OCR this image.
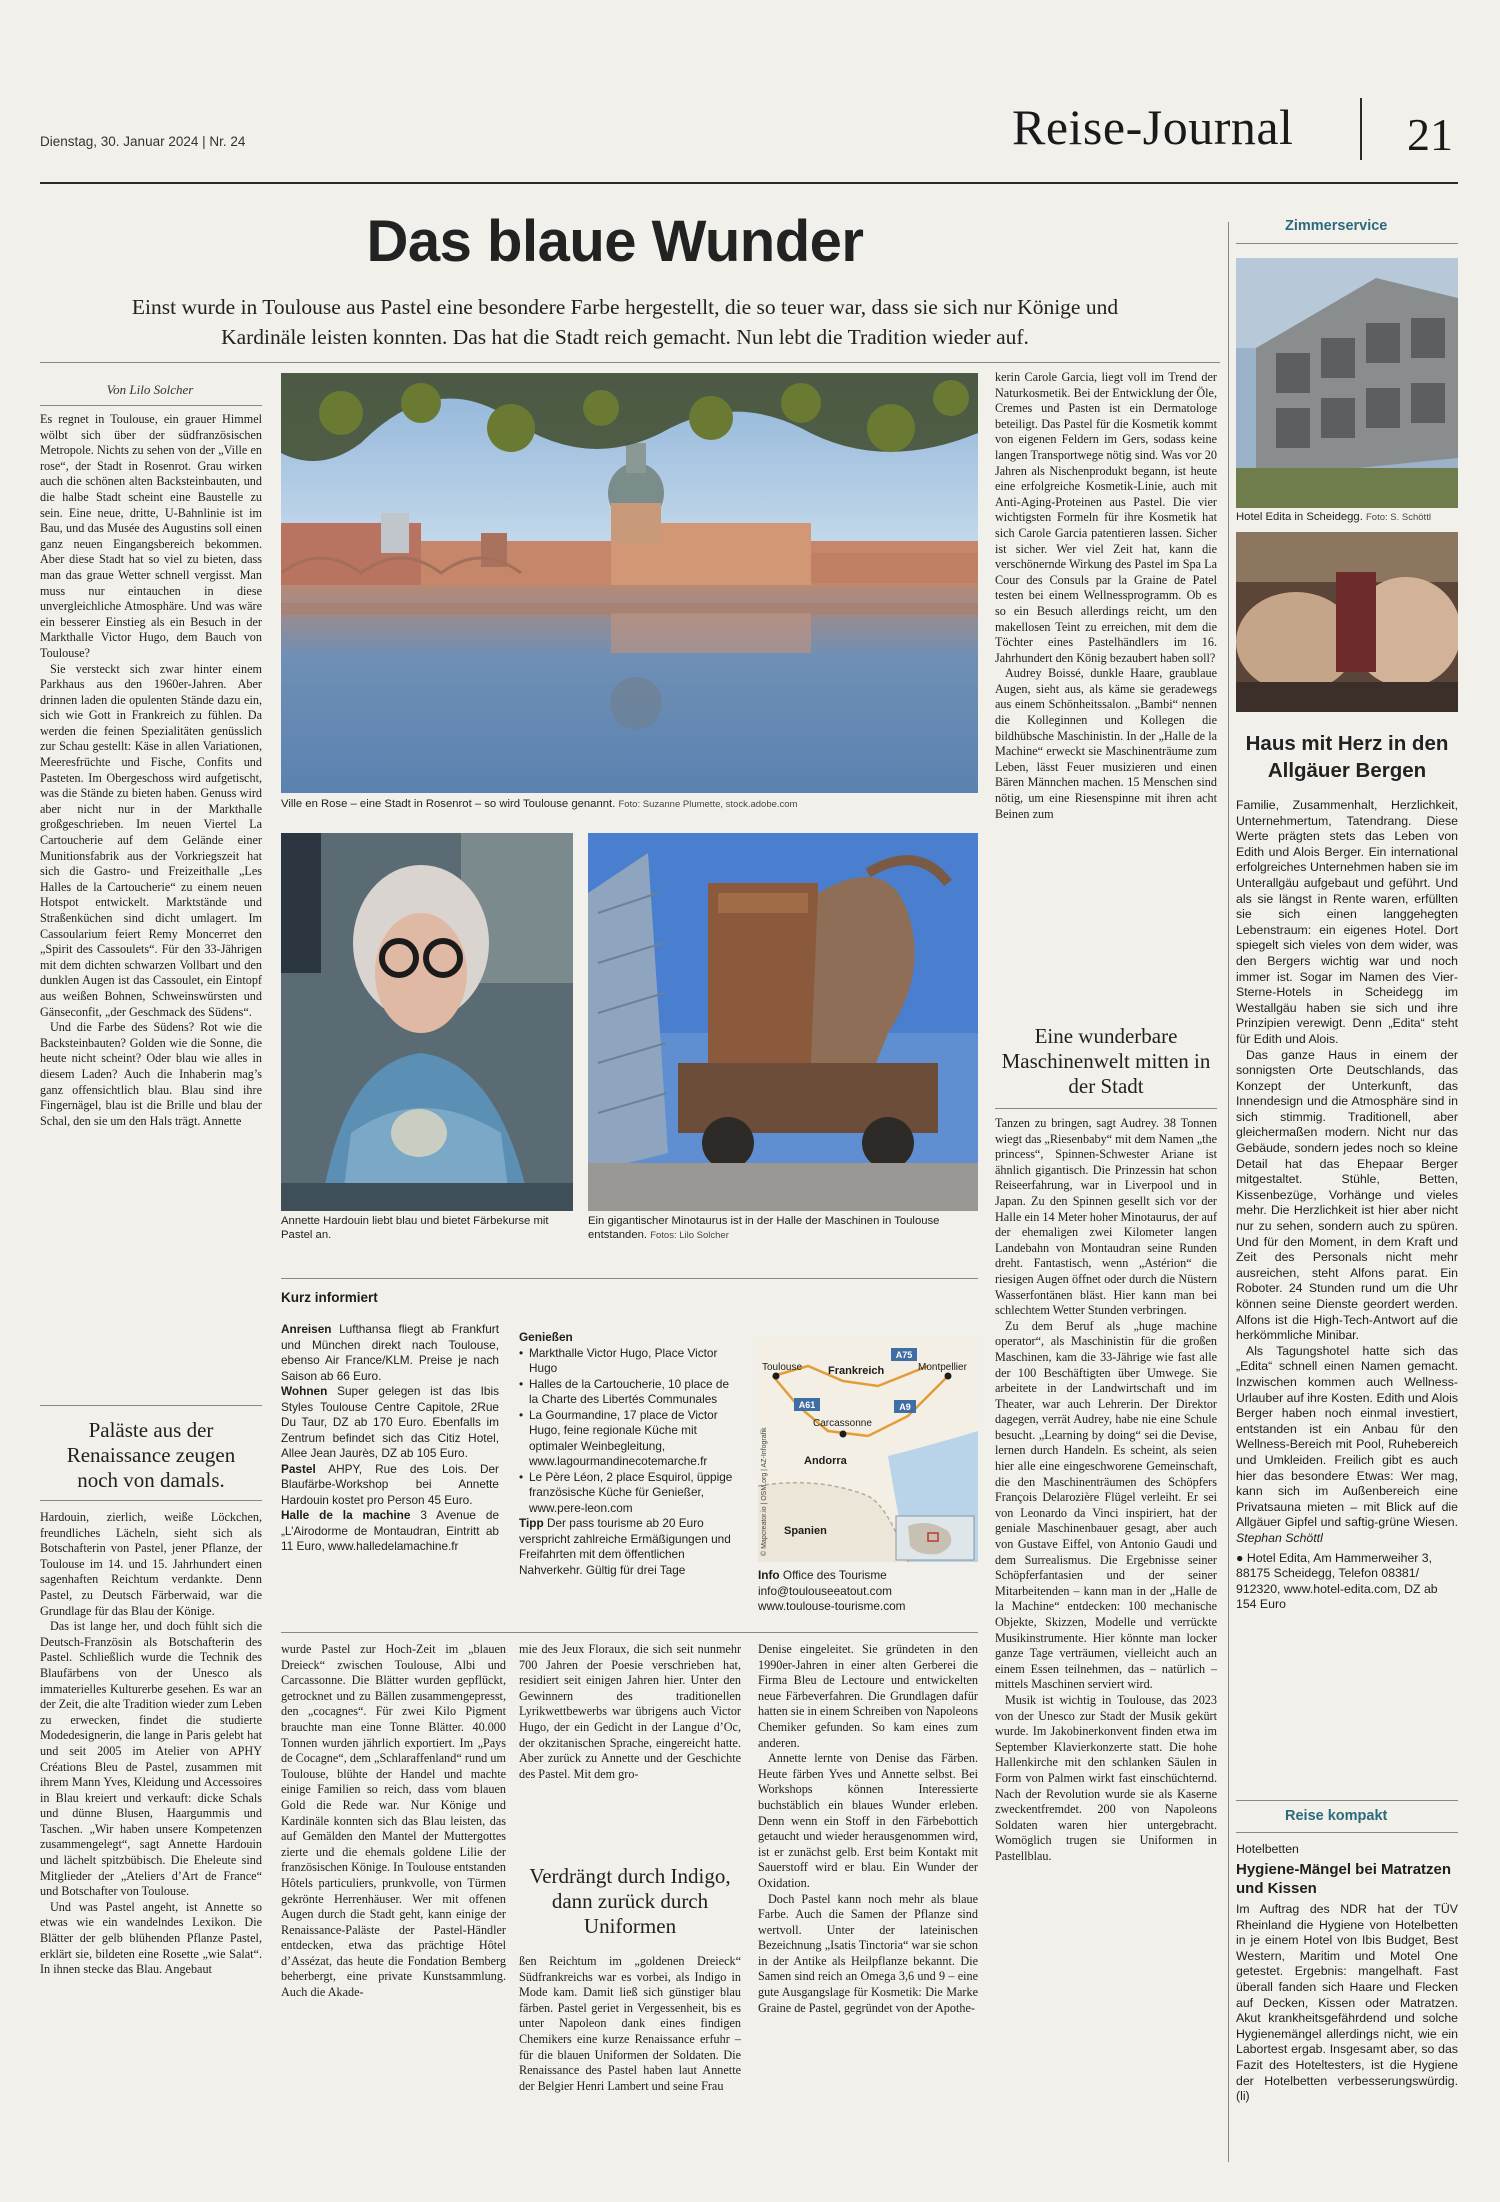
Dienstag, 30. Januar 2024 | Nr. 24	Reise-Journal 21
Das blaue Wunder
Einst wurde in Toulouse aus Pastel eine besondere Farbe hergestellt, die so teuer war, dass sie sich nur Könige und Kardinäle leisten konnten. Das hat die Stadt reich gemacht. Nun lebt die Tradition wieder auf.
Von Lilo Solcher

Es regnet in Toulouse, ein grauer Himmel wölbt sich über der südfranzösischen Metropole. Nichts zu sehen von der „Ville en rose“, der Stadt in Rosenrot. Grau wirken auch die schönen alten Backsteinbauten, und die halbe Stadt scheint eine Baustelle zu sein. Eine neue, dritte, U-Bahnlinie ist im Bau, und das Musée des Augustins soll einen ganz neuen Eingangsbereich bekommen. Aber diese Stadt hat so viel zu bieten, dass man das graue Wetter schnell vergisst. Man muss nur eintauchen in diese unvergleichliche Atmosphäre. Und was wäre ein besserer Einstieg als ein Besuch in der Markthalle Victor Hugo, dem Bauch von Toulouse?

Sie versteckt sich zwar hinter einem Parkhaus aus den 1960er-Jahren. Aber drinnen laden die opulenten Stände dazu ein, sich wie Gott in Frankreich zu fühlen. Da werden die feinen Spezialitäten genüsslich zur Schau gestellt: Käse in allen Variationen, Meeresfrüchte und Fische, Confits und Pasteten. Im Obergeschoss wird aufgetischt, was die Stände zu bieten haben. Genuss wird aber nicht nur in der Markthalle großgeschrieben. Im neuen Viertel La Cartoucherie auf dem Gelände einer Munitionsfabrik aus der Vorkriegszeit hat sich die Gastro- und Freizeithalle „Les Halles de la Cartoucherie“ zu einem neuen Hotspot entwickelt. Marktstände und Straßenküchen sind dicht umlagert. Im Cassoularium feiert Remy Moncerret den „Spirit des Cassoulets“. Für den 33-Jährigen mit dem dichten schwarzen Vollbart und den dunklen Augen ist das Cassoulet, ein Eintopf aus weißen Bohnen, Schweinswürsten und Gänseconfit, „der Geschmack des Südens“.

Und die Farbe des Südens? Rot wie die Backsteinbauten? Golden wie die Sonne, die heute nicht scheint? Oder blau wie alles in diesem Laden? Auch die Inhaberin mag’s ganz offensichtlich blau. Blau sind ihre Fingernägel, blau ist die Brille und blau der Schal, den sie um den Hals trägt. Annette

Paläste aus der Renaissance zeugen noch von damals.

Hardouin, zierlich, weiße Löckchen, freundliches Lächeln, sieht sich als Botschafterin von Pastel, jener Pflanze, der Toulouse im 14. und 15. Jahrhundert einen sagenhaften Reichtum verdankte. Denn Pastel, zu Deutsch Färberwaid, war die Grundlage für das Blau der Könige.

Das ist lange her, und doch fühlt sich die Deutsch-Französin als Botschafterin des Pastel. Schließlich wurde die Technik des Blaufärbens von der Unesco als immaterielles Kulturerbe gesehen. Es war an der Zeit, die alte Tradition wieder zum Leben zu erwecken, findet die studierte Modedesignerin, die lange in Paris gelebt hat und seit 2005 im Atelier von APHY Créations Bleu de Pastel, zusammen mit ihrem Mann Yves, Kleidung und Accessoires in Blau kreiert und verkauft: dicke Schals und dünne Blusen, Haargummis und Taschen. „Wir haben unsere Kompetenzen zusammengelegt“, sagt Annette Hardouin und lächelt spitzbübisch. Die Eheleute sind Mitglieder der „Ateliers d’Art de France“ und Botschafter von Toulouse.

Und was Pastel angeht, ist Annette so etwas wie ein wandelndes Lexikon. Die Blätter der gelb blühenden Pflanze Pastel, erklärt sie, bildeten eine Rosette „wie Salat“. In ihnen stecke das Blau. Angebaut

Ville en Rose – eine Stadt in Rosenrot – so wird Toulouse genannt. Foto: Suzanne Plumette, stock.adobe.com
Annette Hardouin liebt blau und bietet Färbekurse mit Pastel an.
Ein gigantischer Minotaurus ist in der Halle der Maschinen in Toulouse entstanden. Fotos: Lilo Solcher
Kurz informiert
Anreisen Lufthansa fliegt ab Frankfurt und München direkt nach Toulouse, ebenso Air France/KLM. Preise je nach Saison ab 66 Euro.
Wohnen Super gelegen ist das Ibis Styles Toulouse Centre Capitole, 2Rue Du Taur, DZ ab 170 Euro. Ebenfalls im Zentrum befindet sich das Citiz Hotel, Allee Jean Jaurès, DZ ab 105 Euro.
Pastel AHPY, Rue des Lois. Der Blaufärbe-Workshop bei Annette Hardouin kostet pro Person 45 Euro.
Halle de la machine 3 Avenue de „L’Airodorme de Montaudran, Eintritt ab 11 Euro, www.halledelamachine.fr
Genießen
• Markthalle Victor Hugo, Place Victor Hugo
• Halles de la Cartoucherie, 10 place de la Charte des Libertés Communales
• La Gourmandine, 17 place de Victor Hugo, feine regionale Küche mit optimaler Weinbegleitung, www.lagourmandinecotemarche.fr
• Le Père Léon, 2 place Esquirol, üppige französische Küche für Genießer, www.pere-leon.com
Tipp Der pass tourisme ab 20 Euro verspricht zahlreiche Ermäßigungen und Freifahrten mit dem öffentlichen Nahverkehr. Gültig für drei Tage
A75
A61	A9
Toulouse Frankreich	Montpellier
Carcassonne
Andorra
Spanien
© Mapcreator.io | OSM.org | AZ-Infografik
Info Office des Tourisme
info@toulouseeatout.com
www.toulouse-tourisme.com

wurde Pastel zur Hoch-Zeit im „blauen Dreieck“ zwischen Toulouse, Albi und Carcassonne. Die Blätter wurden gepflückt, getrocknet und zu Bällen zusammengepresst, den „cocagnes“. Für zwei Kilo Pigment brauchte man eine Tonne Blätter. 40.000 Tonnen wurden jährlich exportiert. Im „Pays de Cocagne“, dem „Schlaraffenland“ rund um Toulouse, blühte der Handel und machte einige Familien so reich, dass vom blauen Gold die Rede war. Nur Könige und Kardinäle konnten sich das Blau leisten, das auf Gemälden den Mantel der Muttergottes zierte und die ehemals goldene Lilie der französischen Könige. In Toulouse entstanden Hôtels particuliers, prunkvolle, von Türmen gekrönte Herrenhäuser. Wer mit offenen Augen durch die Stadt geht, kann einige der Renaissance-Paläste der Pastel-Händler entdecken, etwa das prächtige Hôtel d’Assézat, das heute die Fondation Bemberg beherbergt, eine private Kunstsammlung. Auch die Akade-

mie des Jeux Floraux, die sich seit nunmehr 700 Jahren der Poesie verschrieben hat, residiert seit einigen Jahren hier. Unter den Gewinnern des traditionellen Lyrikwettbewerbs war übrigens auch Victor Hugo, der ein Gedicht in der Langue d’Oc, der okzitanischen Sprache, eingereicht hatte. Aber zurück zu Annette und der Geschichte des Pastel. Mit dem gro-

Verdrängt durch Indigo, dann zurück durch Uniformen

ßen Reichtum im „goldenen Dreieck“ Südfrankreichs war es vorbei, als Indigo in Mode kam. Damit ließ sich günstiger blau färben. Pastel geriet in Vergessenheit, bis es unter Napoleon dank eines findigen Chemikers eine kurze Renaissance erfuhr – für die blauen Uniformen der Soldaten. Die Renaissance des Pastel haben laut Annette der Belgier Henri Lambert und seine Frau

Denise eingeleitet. Sie gründeten in den 1990er-Jahren in einer alten Gerberei die Firma Bleu de Lectoure und entwickelten neue Färbeverfahren. Die Grundlagen dafür hatten sie in einem Schreiben von Napoleons Chemiker gefunden. So kam eines zum anderen.

Annette lernte von Denise das Färben. Heute färben Yves und Annette selbst. Bei Workshops können Interessierte buchstäblich ein blaues Wunder erleben. Denn wenn ein Stoff in den Färbebottich getaucht und wieder herausgenommen wird, ist er zunächst gelb. Erst beim Kontakt mit Sauerstoff wird er blau. Ein Wunder der Oxidation.

Doch Pastel kann noch mehr als blaue Farbe. Auch die Samen der Pflanze sind wertvoll. Unter der lateinischen Bezeichnung „Isatis Tinctoria“ war sie schon in der Antike als Heilpflanze bekannt. Die Samen sind reich an Omega 3,6 und 9 – eine gute Ausgangslage für Kosmetik: Die Marke Graine de Pastel, gegründet von der Apothe-

kerin Carole Garcia, liegt voll im Trend der Naturkosmetik. Bei der Entwicklung der Öle, Cremes und Pasten ist ein Dermatologe beteiligt. Das Pastel für die Kosmetik kommt von eigenen Feldern im Gers, sodass keine langen Transportwege nötig sind. Was vor 20 Jahren als Nischenprodukt begann, ist heute eine erfolgreiche Kosmetik-Linie, auch mit Anti-Aging-Proteinen aus Pastel. Die vier wichtigsten Formeln für ihre Kosmetik hat sich Carole Garcia patentieren lassen. Sicher ist sicher. Wer viel Zeit hat, kann die verschönernde Wirkung des Pastel im Spa La Cour des Consuls par la Graine de Patel testen bei einem Wellnessprogramm. Ob es so ein Besuch allerdings reicht, um den makellosen Teint zu erreichen, mit dem die Töchter eines Pastelhändlers im 16. Jahrhundert den König bezaubert haben soll?

Audrey Boissé, dunkle Haare, graublaue Augen, sieht aus, als käme sie geradewegs aus einem Schönheitssalon. „Bambi“ nennen die Kolleginnen und Kollegen die bildhübsche Maschinistin. In der „Halle de la Machine“ erweckt sie Maschinenträume zum Leben, lässt Feuer musizieren und einen Bären Männchen machen. 15 Menschen sind nötig, um eine Riesenspinne mit ihren acht Beinen zum

Eine wunderbare Maschinenwelt mitten in der Stadt

Tanzen zu bringen, sagt Audrey. 38 Tonnen wiegt das „Riesenbaby“ mit dem Namen „the princess“, Spinnen-Schwester Ariane ist ähnlich gigantisch. Die Prinzessin hat schon Reiseerfahrung, war in Liverpool und in Japan. Zu den Spinnen gesellt sich vor der Halle ein 14 Meter hoher Minotaurus, der auf der ehemaligen zwei Kilometer langen Landebahn von Montaudran seine Runden dreht. Fantastisch, wenn „Astérion“ die riesigen Augen öffnet oder durch die Nüstern Wasserfontänen bläst. Hier kann man bei schlechtem Wetter Stunden verbringen.

Zu dem Beruf als „huge machine operator“, als Maschinistin für die großen Maschinen, kam die 33-Jährige wie fast alle der 100 Beschäftigten über Umwege. Sie arbeitete in der Landwirtschaft und im Theater, war auch Lehrerin. Der Direktor dagegen, verrät Audrey, habe nie eine Schule besucht. „Learning by doing“ sei die Devise, lernen durch Handeln. Es scheint, als seien hier alle eine eingeschworene Gemeinschaft, die den Maschinenträumen des Schöpfers François Delarozière Flügel verleiht. Er sei von Leonardo da Vinci inspiriert, hat der geniale Maschinenbauer gesagt, aber auch von Gustave Eiffel, von Antonio Gaudi und dem Surrealismus. Die Ergebnisse seiner Schöpferfantasien und der seiner Mitarbeitenden – kann man in der „Halle de la Machine“ entdecken: 100 mechanische Objekte, Skizzen, Modelle und verrückte Musikinstrumente. Hier könnte man locker ganze Tage verträumen, vielleicht auch an einem Essen teilnehmen, das – natürlich – mittels Maschinen serviert wird.

Musik ist wichtig in Toulouse, das 2023 von der Unesco zur Stadt der Musik gekürt wurde. Im Jakobinerkonvent finden etwa im September Klavierkonzerte statt. Die hohe Hallenkirche mit den schlanken Säulen in Form von Palmen wirkt fast einschüchternd. Nach der Revolution wurde sie als Kaserne zweckentfremdet. 200 von Napoleons Soldaten waren hier untergebracht. Womöglich trugen sie Uniformen in Pastellblau.

Zimmerservice
Hotel Edita in Scheidegg. Foto: S. Schöttl
Haus mit Herz in den Allgäuer Bergen

Familie, Zusammenhalt, Herzlichkeit, Unternehmertum, Tatendrang. Diese Werte prägten stets das Leben von Edith und Alois Berger. Ein international erfolgreiches Unternehmen haben sie im Unterallgäu aufgebaut und geführt. Und als sie längst in Rente waren, erfüllten sie sich einen langgehegten Lebenstraum: ein eigenes Hotel. Dort spiegelt sich vieles von dem wider, was den Bergers wichtig war und noch immer ist. Sogar im Namen des Vier-Sterne-Hotels in Scheidegg im Westallgäu haben sie sich und ihre Prinzipien verewigt. Denn „Edita“ steht für Edith und Alois.

Das ganze Haus in einem der sonnigsten Orte Deutschlands, das Konzept der Unterkunft, das Innendesign und die Atmosphäre sind in sich stimmig. Traditionell, aber gleichermaßen modern. Nicht nur das Gebäude, sondern jedes noch so kleine Detail hat das Ehepaar Berger mitgestaltet. Stühle, Betten, Kissenbezüge, Vorhänge und vieles mehr. Die Herzlichkeit ist hier aber nicht nur zu sehen, sondern auch zu spüren. Und für den Moment, in dem Kraft und Zeit des Personals nicht mehr ausreichen, steht Alfons parat. Ein Roboter. 24 Stunden rund um die Uhr können seine Dienste geordert werden. Alfons ist die High-Tech-Antwort auf die herkömmliche Minibar.

Als Tagungshotel hatte sich das „Edita“ schnell einen Namen gemacht. Inzwischen kommen auch Wellness-Urlauber auf ihre Kosten. Edith und Alois Berger haben noch einmal investiert, entstanden ist ein Anbau für den Wellness-Bereich mit Pool, Ruhebereich und Umkleiden. Freilich gibt es auch hier das besondere Etwas: Wer mag, kann sich im Außenbereich eine Privatsauna mieten – mit Blick auf die Allgäuer Gipfel und saftig-grüne Wiesen. Stephan Schöttl

● Hotel Edita, Am Hammerweiher 3, 88175 Scheidegg, Telefon 08381/ 912320, www.hotel-edita.com, DZ ab 154 Euro

Reise kompakt
Hotelbetten
Hygiene-Mängel bei Matratzen und Kissen

Im Auftrag des NDR hat der TÜV Rheinland die Hygiene von Hotelbetten in je einem Hotel von Ibis Budget, Best Western, Maritim und Motel One getestet. Ergebnis: mangelhaft. Fast überall fanden sich Haare und Flecken auf Decken, Kissen oder Matratzen. Akut krankheitsgefährdend und solche Hygienemängel allerdings nicht, wie ein Labortest ergab. Insgesamt aber, so das Fazit des Hoteltesters, ist die Hygiene der Hotelbetten verbesserungswürdig. (li)
